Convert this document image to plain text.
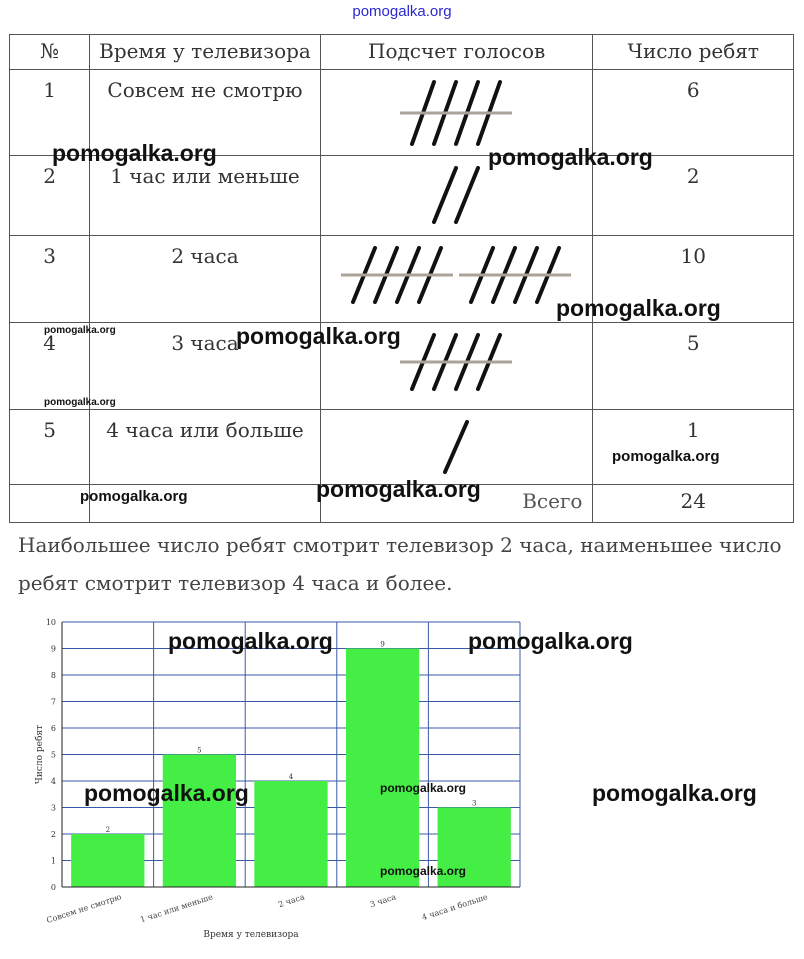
pomogalka.org
№	Время у телевизора	Подсчет голосов	Число ребят
1	Совсем не смотрю		6
2	1 час или меньше		2
3	2 часа		10
4	3 часа		5
5	4 часа или больше		1
		Всего	24
Наибольшее число ребят смотрит телевизор 2 часа, наименьшее число ребят смотрит телевизор 4 часа и более.
0
1
2
3
4
5
6
7
8
9
10
2
Совсем не смотрю
5
1 час или меньше
4
2 часа
9
3 часа
3
4 часа и больше
Время у телевизора
Число ребят
pomogalka.org	pomogalka.org
pomogalka.org
pomogalka.org	pomogalka.org
pomogalka.org
pomogalka.org
pomogalka.org	pomogalka.org
pomogalka.org	pomogalka.org
pomogalka.org	pomogalka.org	pomogalka.org
pomogalka.org
